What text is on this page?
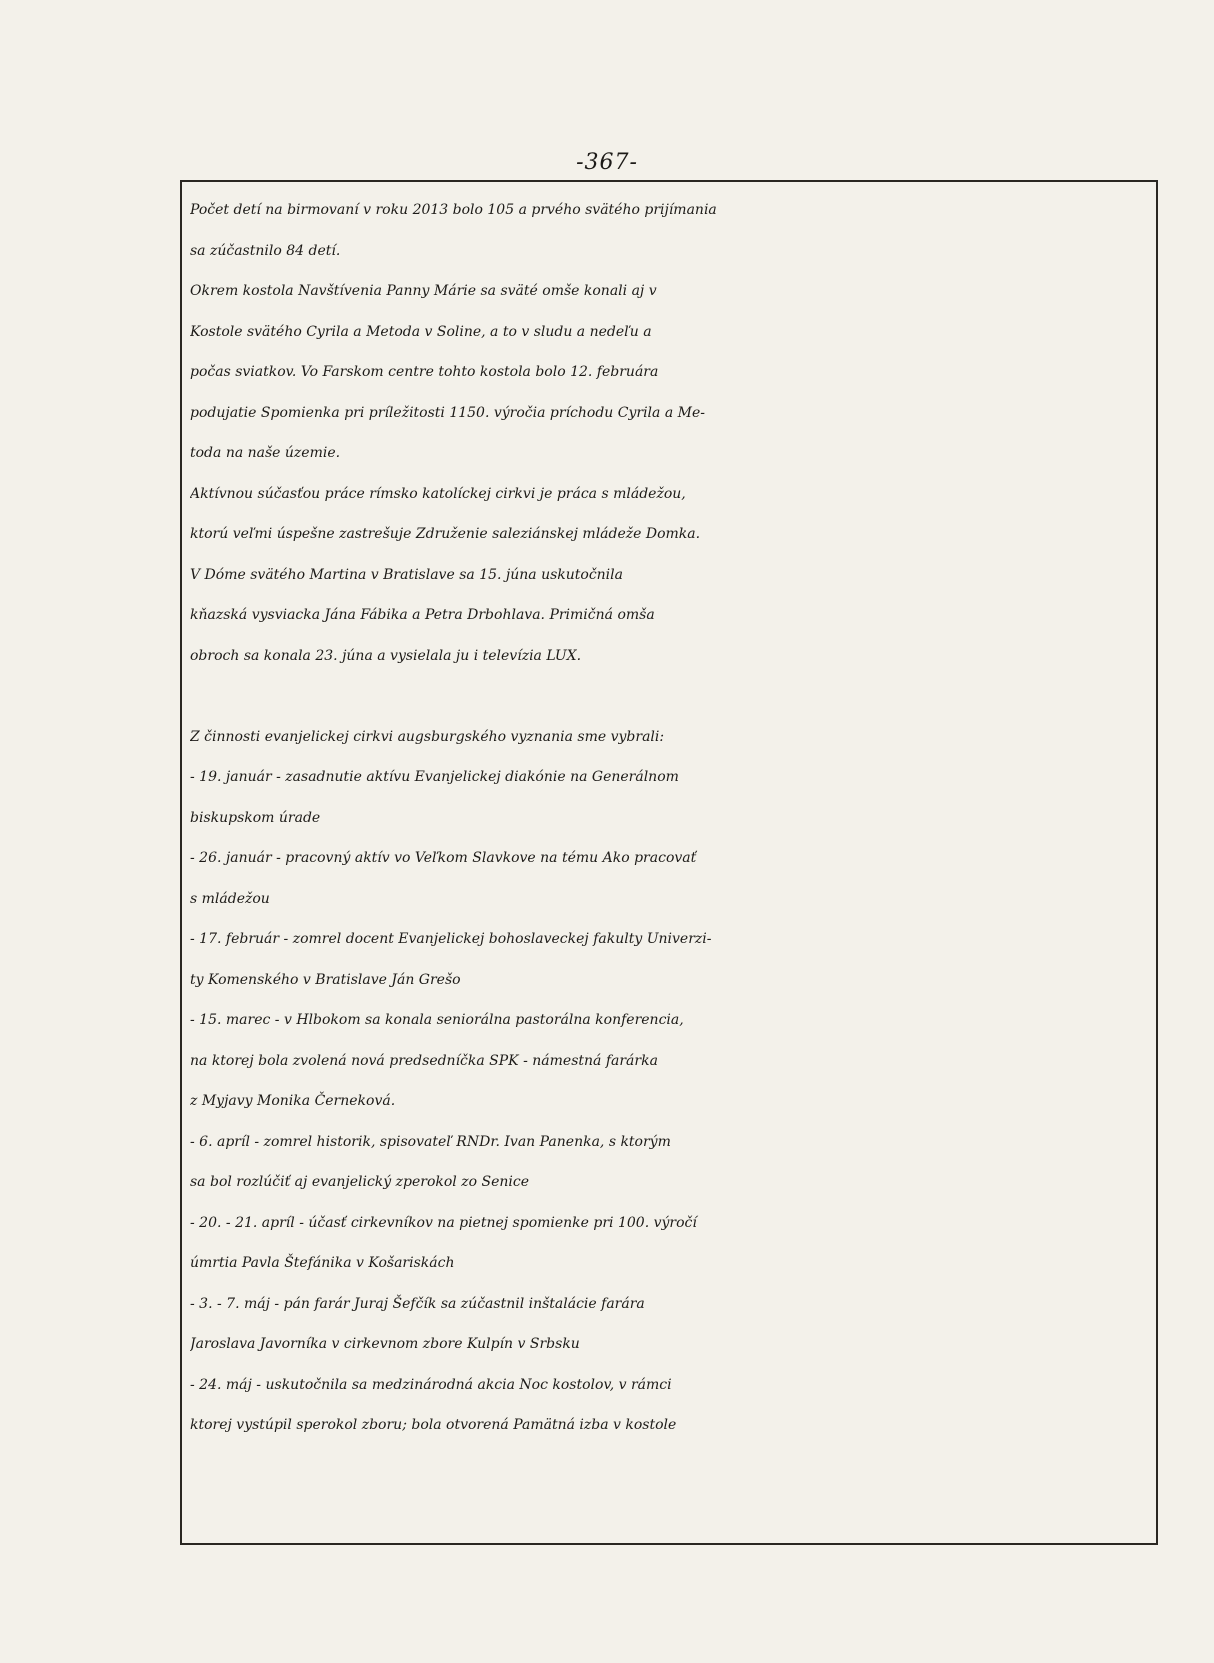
-367-
Počet detí na birmovaní v roku 2013 bolo 105 a prvého svätého prijímania
sa zúčastnilo 84 detí.
Okrem kostola Navštívenia Panny Márie sa sväté omše konali aj v
Kostole svätého Cyrila a Metoda v Soline, a to v sludu a nedeľu a
počas sviatkov. Vo Farskom centre tohto kostola bolo 12. februára
podujatie Spomienka pri príležitosti 1150. výročia príchodu Cyrila a Me-
toda na naše územie.
Aktívnou súčasťou práce rímsko katolíckej cirkvi je práca s mládežou,
ktorú veľmi úspešne zastrešuje Združenie saleziánskej mládeže Domka.
V Dóme svätého Martina v Bratislave sa 15. júna uskutočnila
kňazská vysviacka Jána Fábika a Petra Drbohlava. Primičná omša
obroch sa konala 23. júna a vysielala ju i televízia LUX.
Z činnosti evanjelickej cirkvi augsburgského vyznania sme vybrali:
- 19. január - zasadnutie aktívu Evanjelickej diakónie na Generálnom
biskupskom úrade
- 26. január - pracovný aktív vo Veľkom Slavkove na tému Ako pracovať
s mládežou
- 17. február - zomrel docent Evanjelickej bohoslaveckej fakulty Univerzi-
ty Komenského v Bratislave Ján Grešo
- 15. marec - v Hlbokom sa konala seniorálna pastorálna konferencia,
na ktorej bola zvolená nová predsedníčka SPK - námestná farárka
z Myjavy Monika Černeková.
- 6. apríl - zomrel historik, spisovateľ RNDr. Ivan Panenka, s ktorým
sa bol rozlúčiť aj evanjelický zperokol zo Senice
- 20. - 21. apríl - účasť cirkevníkov na pietnej spomienke pri 100. výročí
úmrtia Pavla Štefánika v Košariskách
- 3. - 7. máj - pán farár Juraj Šefčík sa zúčastnil inštalácie farára
Jaroslava Javorníka v cirkevnom zbore Kulpín v Srbsku
- 24. máj - uskutočnila sa medzinárodná akcia Noc kostolov, v rámci
ktorej vystúpil sperokol zboru; bola otvorená Pamätná izba v kostole
